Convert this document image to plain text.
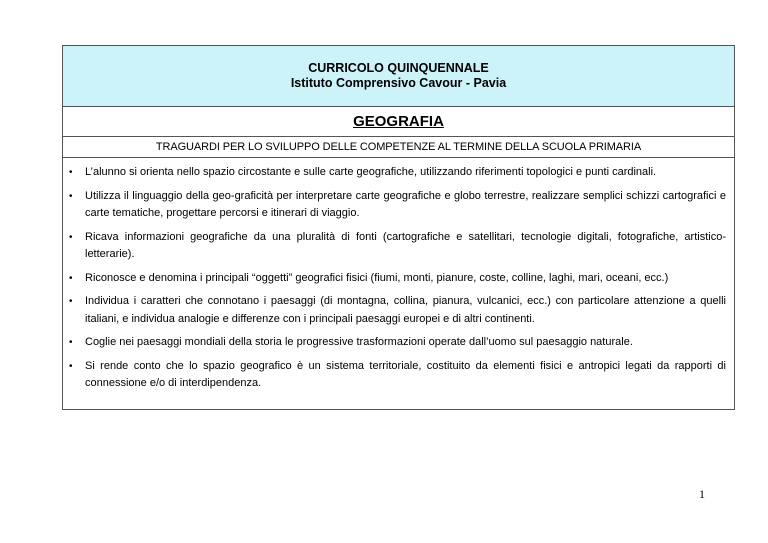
CURRICOLO QUINQUENNALE
Istituto Comprensivo Cavour - Pavia
GEOGRAFIA
TRAGUARDI PER LO SVILUPPO DELLE COMPETENZE AL TERMINE DELLA SCUOLA PRIMARIA
• L’alunno si orienta nello spazio circostante e sulle carte geografiche, utilizzando riferimenti topologici e punti cardinali.
• Utilizza il linguaggio della geo-graficità per interpretare carte geografiche e globo terrestre, realizzare semplici schizzi cartografici e carte tematiche, progettare percorsi e itinerari di viaggio.
• Ricava informazioni geografiche da una pluralità di fonti (cartografiche e satellitari, tecnologie digitali, fotografiche, artistico-letterarie).
• Riconosce e denomina i principali “oggetti” geografici fisici (fiumi, monti, pianure, coste, colline, laghi, mari, oceani, ecc.)
• Individua i caratteri che connotano i paesaggi (di montagna, collina, pianura, vulcanici, ecc.) con particolare attenzione a quelli italiani, e individua analogie e differenze con i principali paesaggi europei e di altri continenti.
• Coglie nei paesaggi mondiali della storia le progressive trasformazioni operate dall’uomo sul paesaggio naturale.
• Si rende conto che lo spazio geografico è un sistema territoriale, costituito da elementi fisici e antropici legati da rapporti di connessione e/o di interdipendenza.
1
